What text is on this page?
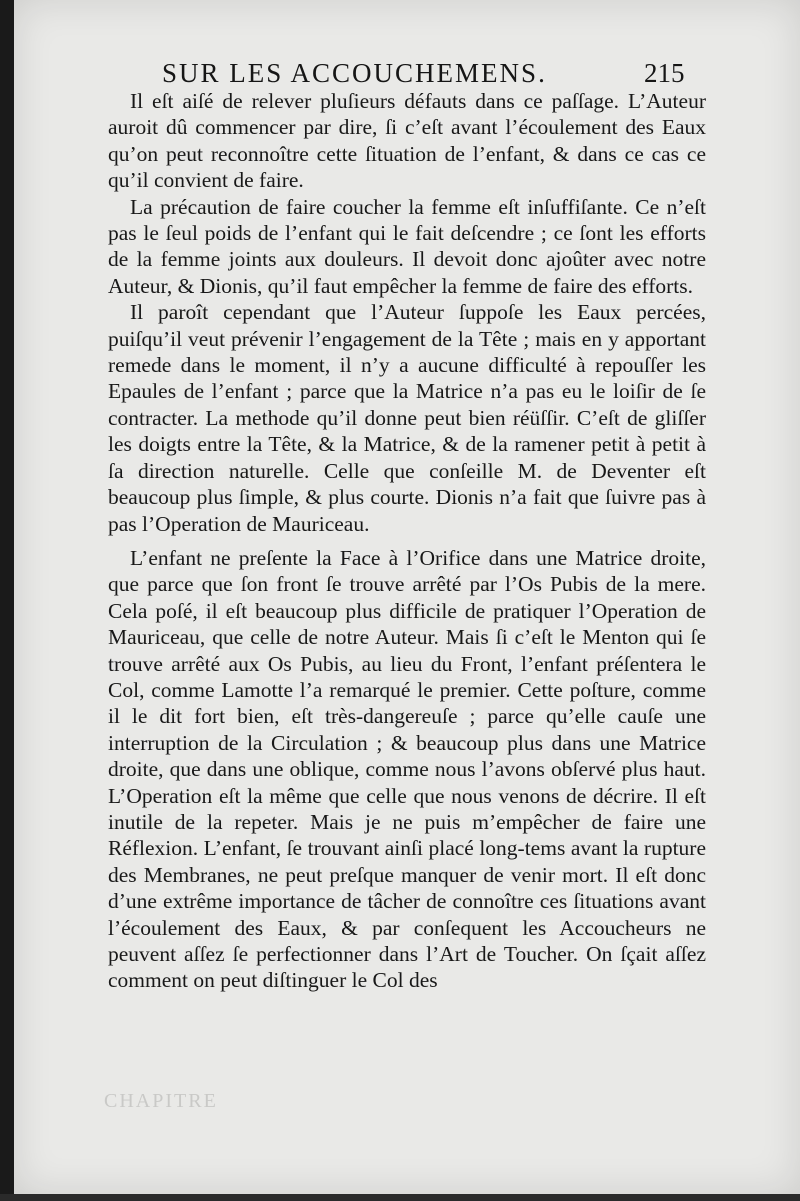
SUR LES ACCOUCHEMENS.	215

Il eſt aiſé de relever pluſieurs défauts dans ce paſſage. L’Auteur auroit dû commencer par dire, ſi c’eſt avant l’écoulement des Eaux qu’on peut reconnoître cette ſituation de l’enfant, & dans ce cas ce qu’il convient de faire.

La précaution de faire coucher la femme eſt inſuffiſante. Ce n’eſt pas le ſeul poids de l’enfant qui le fait deſcendre ; ce ſont les efforts de la femme joints aux douleurs. Il devoit donc ajoûter avec notre Auteur, & Dionis, qu’il faut empêcher la femme de faire des efforts.

Il paroît cependant que l’Auteur ſuppoſe les Eaux percées, puiſqu’il veut prévenir l’engagement de la Tête ; mais en y apportant remede dans le moment, il n’y a aucune difficulté à repouſſer les Epaules de l’enfant ; parce que la Matrice n’a pas eu le loiſir de ſe contracter. La methode qu’il donne peut bien réüſſir. C’eſt de gliſſer les doigts entre la Tête, & la Matrice, & de la ramener petit à petit à ſa direction naturelle. Celle que conſeille M. de Deventer eſt beaucoup plus ſimple, & plus courte. Dionis n’a fait que ſuivre pas à pas l’Operation de Mauriceau.

L’enfant ne preſente la Face à l’Orifice dans une Matrice droite, que parce que ſon front ſe trouve arrêté par l’Os Pubis de la mere. Cela poſé, il eſt beaucoup plus difficile de pratiquer l’Operation de Mauriceau, que celle de notre Auteur. Mais ſi c’eſt le Menton qui ſe trouve arrêté aux Os Pubis, au lieu du Front, l’enfant préſentera le Col, comme Lamotte l’a remarqué le premier. Cette poſture, comme il le dit fort bien, eſt très-dangereuſe ; parce qu’elle cauſe une interruption de la Circulation ; & beaucoup plus dans une Matrice droite, que dans une oblique, comme nous l’avons obſervé plus haut. L’Operation eſt la même que celle que nous venons de décrire. Il eſt inutile de la repeter. Mais je ne puis m’empêcher de faire une Réflexion. L’enfant, ſe trouvant ainſi placé long-tems avant la rupture des Membranes, ne peut preſque manquer de venir mort. Il eſt donc d’une extrême importance de tâcher de connoître ces ſituations avant l’écoulement des Eaux, & par conſequent les Accoucheurs ne peuvent aſſez ſe perfectionner dans l’Art de Toucher. On ſçait aſſez comment on peut diſtinguer le Col des

CHAPITRE
